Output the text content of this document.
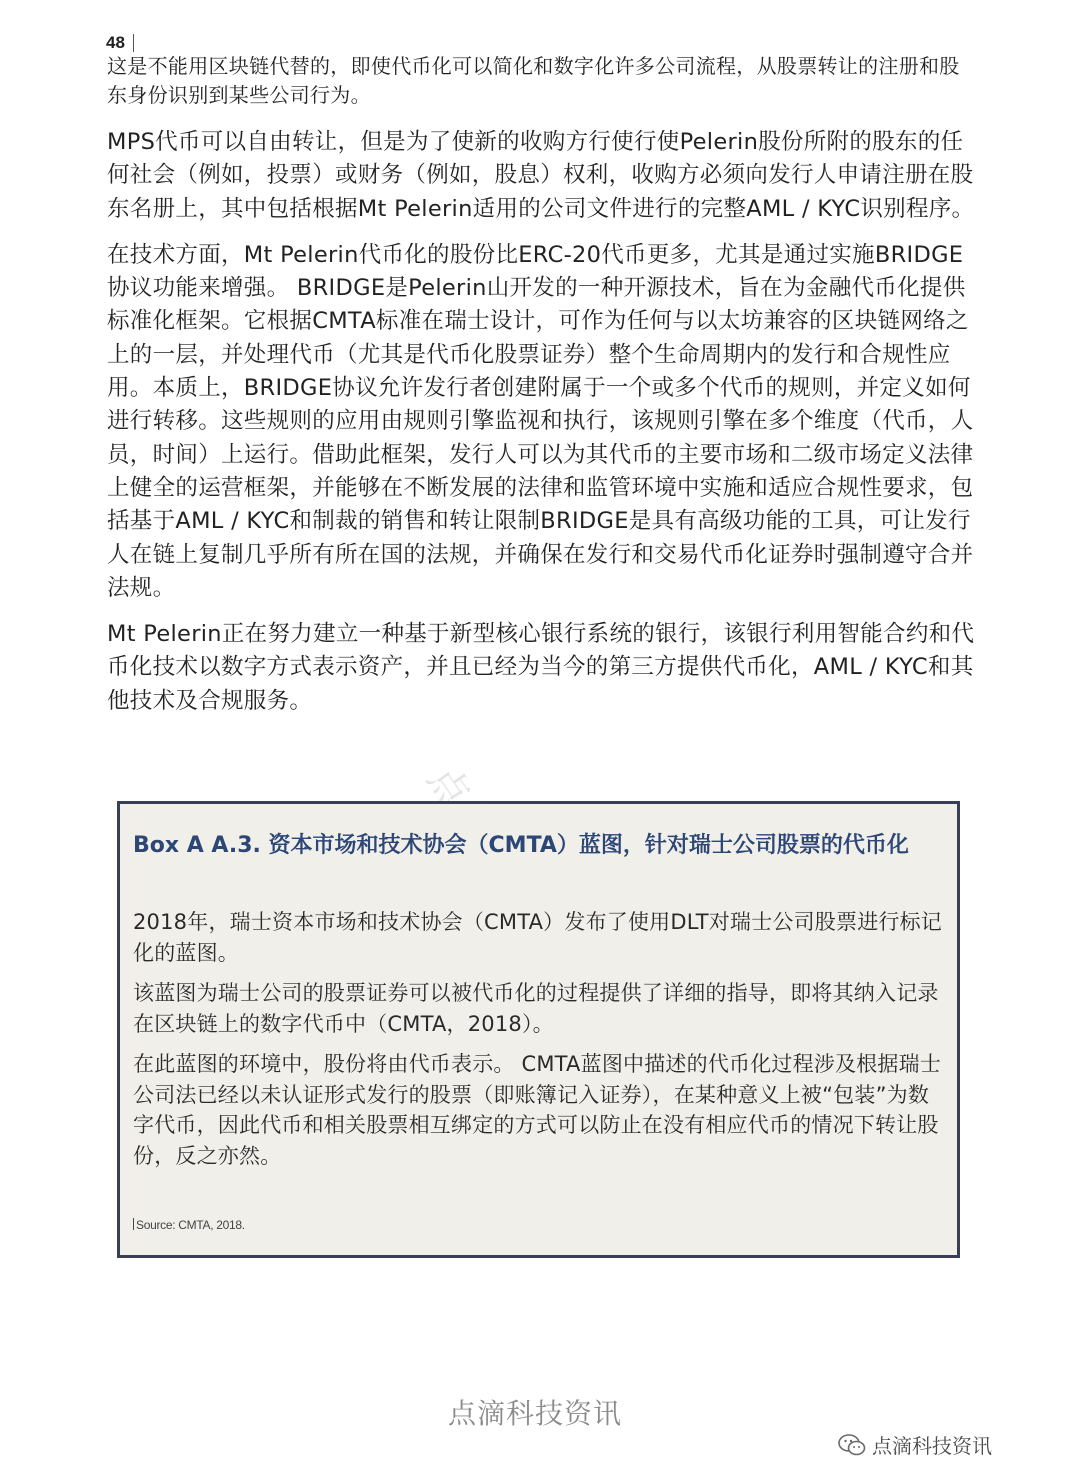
48

这是不能用区块链代替的，即使代币化可以简化和数字化许多公司流程，从股票转让的注册和股东身份识别到某些公司行为。

MPS代币可以自由转让，但是为了使新的收购方行使行使Pelerin股份所附的股东的任何社会（例如，投票）或财务（例如，股息）权利，收购方必须向发行人申请注册在股东名册上，其中包括根据Mt Pelerin适用的公司文件进行的完整AML / KYC识别程序。

在技术方面，Mt Pelerin代币化的股份比ERC-20代币更多，尤其是通过实施BRIDGE协议功能来增强。 BRIDGE是Pelerin山开发的一种开源技术，旨在为金融代币化提供标准化框架。它根据CMTA标准在瑞士设计，可作为任何与以太坊兼容的区块链网络之上的一层，并处理代币（尤其是代币化股票证券）整个生命周期内的发行和合规性应用。本质上，BRIDGE协议允许发行者创建附属于一个或多个代币的规则，并定义如何进行转移。这些规则的应用由规则引擎监视和执行，该规则引擎在多个维度（代币，人员，时间）上运行。借助此框架，发行人可以为其代币的主要市场和二级市场定义法律上健全的运营框架，并能够在不断发展的法律和监管环境中实施和适应合规性要求，包括基于AML / KYC和制裁的销售和转让限制BRIDGE是具有高级功能的工具，可让发行人在链上复制几乎所有所在国的法规，并确保在发行和交易代币化证券时强制遵守合并法规。

Mt Pelerin正在努力建立一种基于新型核心银行系统的银行，该银行利用智能合约和代币化技术以数字方式表示资产，并且已经为当今的第三方提供代币化，AML / KYC和其他技术及合规服务。

Box A A.3. 资本市场和技术协会（CMTA）蓝图，针对瑞士公司股票的代币化

2018年，瑞士资本市场和技术协会（CMTA）发布了使用DLT对瑞士公司股票进行标记化的蓝图。

该蓝图为瑞士公司的股票证券可以被代币化的过程提供了详细的指导，即将其纳入记录在区块链上的数字代币中（CMTA，2018）。

在此蓝图的环境中，股份将由代币表示。 CMTA蓝图中描述的代币化过程涉及根据瑞士公司法已经以未认证形式发行的股票（即账簿记入证券），在某种意义上被“包装”为数字代币，因此代币和相关股票相互绑定的方式可以防止在没有相应代币的情况下转让股份，反之亦然。

Source: CMTA, 2018.
点滴科技资讯
点滴科技资讯
